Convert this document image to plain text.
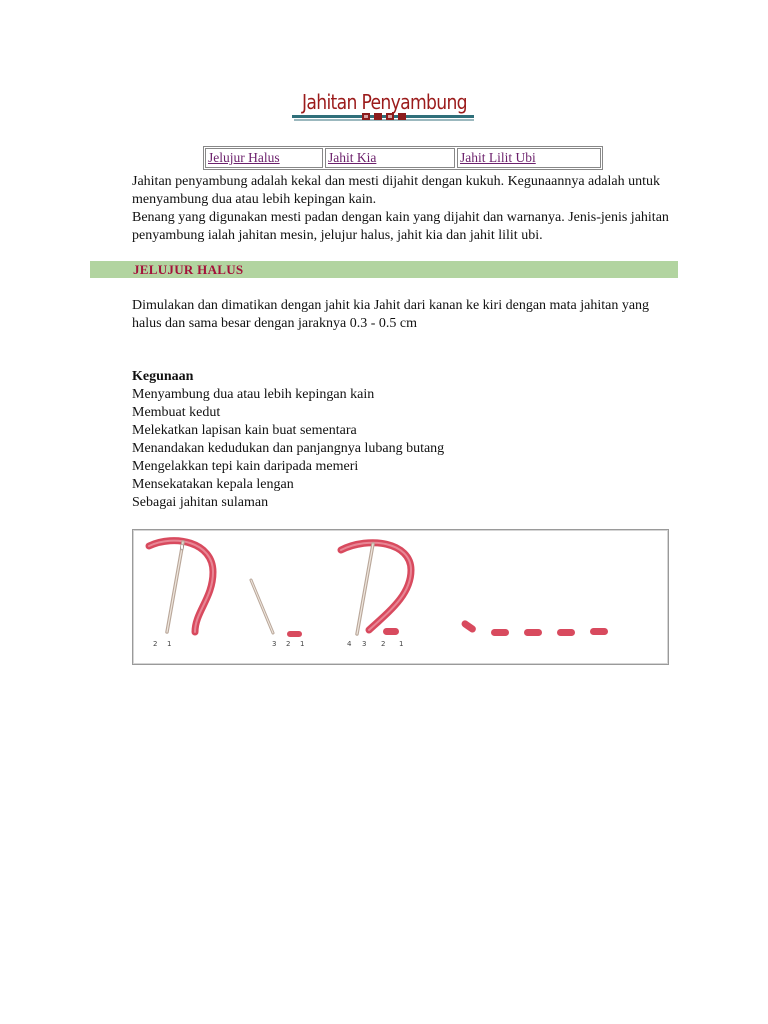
Jahitan Penyambung
Jelujur Halus	Jahit Kia	Jahit Lilit Ubi

Jahitan penyambung adalah kekal dan mesti dijahit dengan kukuh. Kegunaannya adalah untuk menyambung dua atau lebih kepingan kain.

Benang yang digunakan mesti padan dengan kain yang dijahit dan warnanya. Jenis-jenis jahitan penyambung ialah jahitan mesin, jelujur halus, jahit kia dan jahit lilit ubi.

JELUJUR HALUS

Dimulakan dan dimatikan dengan jahit kia Jahit dari kanan ke kiri dengan mata jahitan yang halus dan sama besar dengan jaraknya 0.3 - 0.5 cm

Kegunaan
Menyambung dua atau lebih kepingan kain
Membuat kedut
Melekatkan lapisan kain buat sementara
Menandakan kedudukan dan panjangnya lubang butang
Mengelakkan tepi kain daripada memeri
Mensekatakan kepala lengan
Sebagai jahitan sulaman
2 1	3 2 1	4 3 2 1
